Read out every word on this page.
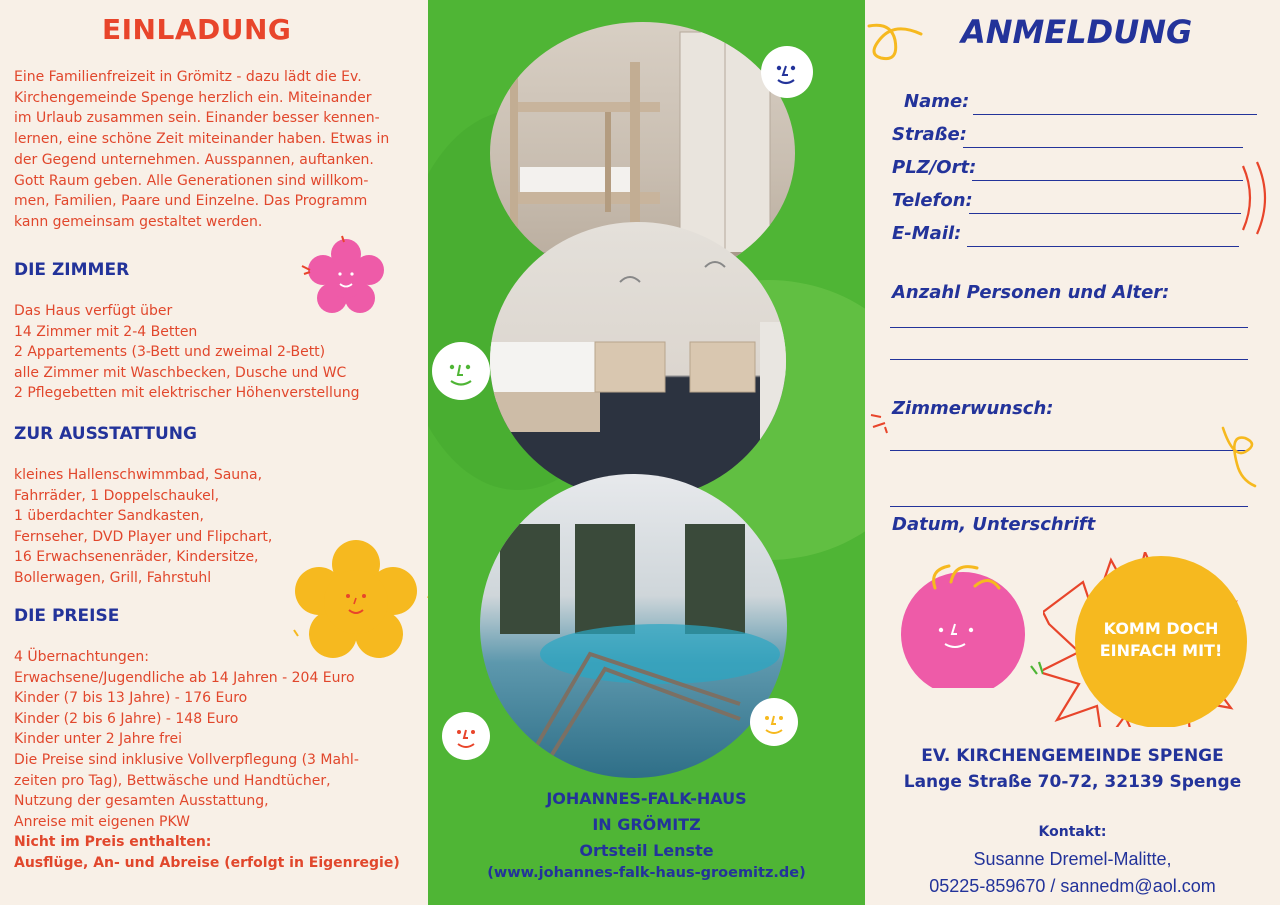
EINLADUNG
Eine Familienfreizeit in Grömitz - dazu lädt die Ev.
Kirchengemeinde Spenge herzlich ein. Miteinander
im Urlaub zusammen sein. Einander besser kennen-
lernen, eine schöne Zeit miteinander haben. Etwas in
der Gegend unternehmen. Ausspannen, auftanken.
Gott Raum geben. Alle Generationen sind willkom-
men, Familien, Paare und Einzelne. Das Programm
kann gemeinsam gestaltet werden.
DIE ZIMMER
Das Haus verfügt über
14 Zimmer mit 2-4 Betten
2 Appartements (3-Bett und zweimal 2-Bett)
alle Zimmer mit Waschbecken, Dusche und WC
2 Pflegebetten mit elektrischer Höhenverstellung
ZUR AUSSTATTUNG
kleines Hallenschwimmbad, Sauna,
Fahrräder, 1 Doppelschaukel,
1 überdachter Sandkasten,
Fernseher, DVD Player und Flipchart,
16 Erwachsenenräder, Kindersitze,
Bollerwagen, Grill, Fahrstuhl
DIE PREISE
4 Übernachtungen:
Erwachsene/Jugendliche ab 14 Jahren - 204 Euro
Kinder (7 bis 13 Jahre) - 176 Euro
Kinder (2 bis 6 Jahre) - 148 Euro
Kinder unter 2 Jahre frei
Die Preise sind inklusive Vollverpflegung (3 Mahl-
zeiten pro Tag), Bettwäsche und Handtücher,
Nutzung der gesamten Ausstattung,
Anreise mit eigenen PKW
Nicht im Preis enthalten:
Ausflüge, An- und Abreise (erfolgt in Eigenregie)
JOHANNES-FALK-HAUS
IN GRÖMITZ
Ortsteil Lenste
(www.johannes-falk-haus-groemitz.de)
ANMELDUNG
Name:
Straße:
PLZ/Ort:
Telefon:
E-Mail:
Anzahl Personen und Alter:
Zimmerwunsch:
Datum, Unterschrift
KOMM DOCH
EINFACH MIT!
EV. KIRCHENGEMEINDE SPENGE
Lange Straße 70-72, 32139 Spenge
Kontakt:
Susanne Dremel-Malitte,
05225-859670 / sannedm@aol.com
